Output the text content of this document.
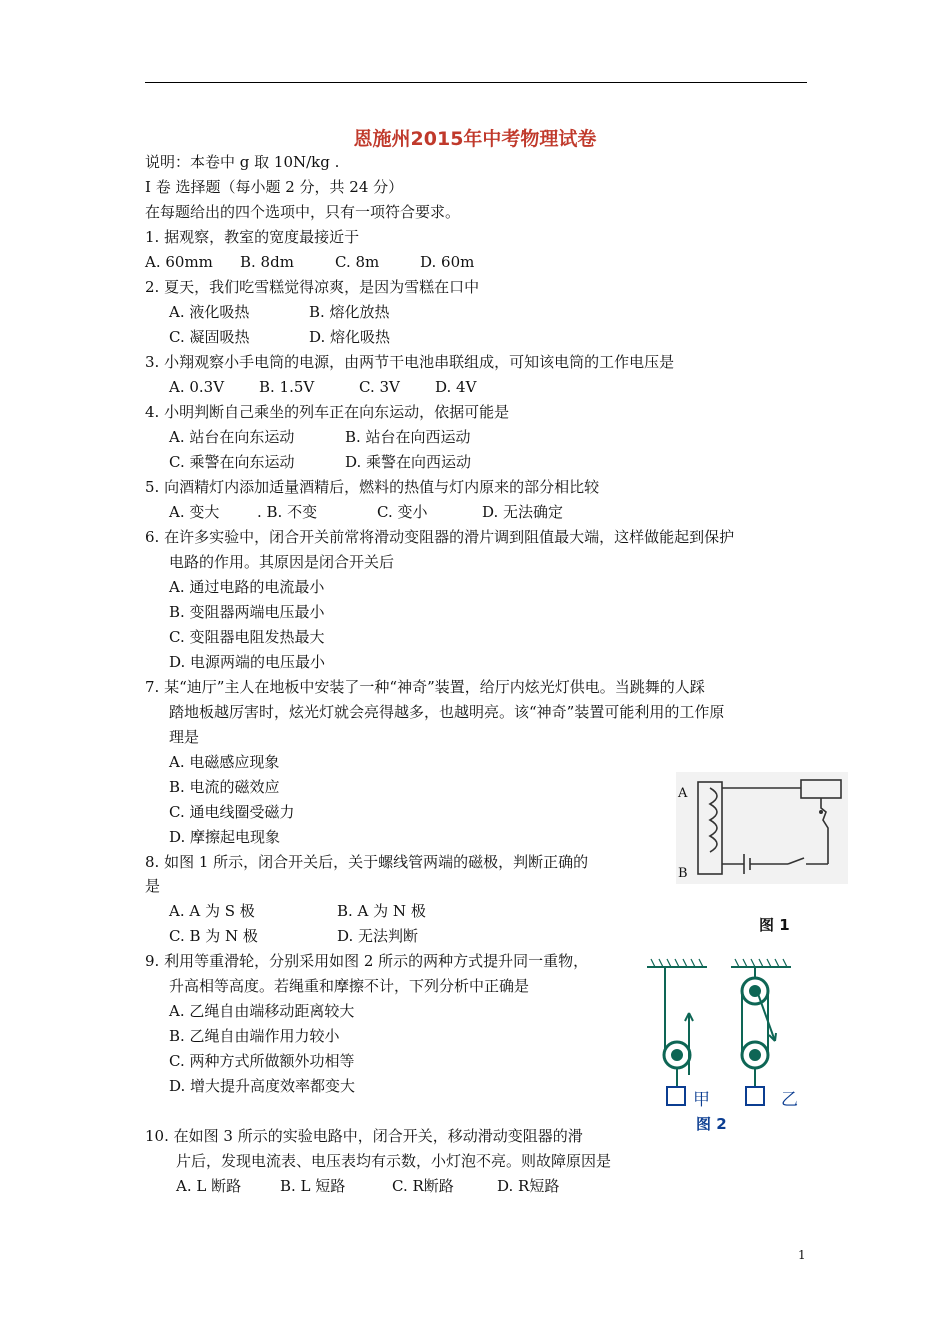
恩施州2015年中考物理试卷
说明：本卷中 g 取 10N/kg .
Ⅰ 卷 选择题（每小题 2 分，共 24 分）
在每题给出的四个选项中，只有一项符合要求。
1. 据观察，教室的宽度最接近于
A. 60mm B. 8dm	C. 8m	D. 60m
2. 夏天，我们吃雪糕觉得凉爽，是因为雪糕在口中
A. 液化吸热	B. 熔化放热
C. 凝固吸热	D. 熔化吸热
3. 小翔观察小手电筒的电源，由两节干电池串联组成，可知该电筒的工作电压是
A. 0.3V B. 1.5V	C. 3V D. 4V
4. 小明判断自己乘坐的列车正在向东运动，依据可能是
A. 站台在向东运动	B. 站台在向西运动
C. 乘警在向东运动	D. 乘警在向西运动
5. 向酒精灯内添加适量酒精后，燃料的热值与灯内原来的部分相比较
A. 变大	. B. 不变	C. 变小	D. 无法确定
6. 在许多实验中，闭合开关前常将滑动变阻器的滑片调到阻值最大端，这样做能起到保护
电路的作用。其原因是闭合开关后
A. 通过电路的电流最小
B. 变阻器两端电压最小
C. 变阻器电阻发热最大
D. 电源两端的电压最小
7. 某“迪厅”主人在地板中安装了一种“神奇”装置，给厅内炫光灯供电。当跳舞的人踩
踏地板越厉害时，炫光灯就会亮得越多，也越明亮。该“神奇”装置可能利用的工作原
理是
A. 电磁感应现象
B. 电流的磁效应
C. 通电线圈受磁力
D. 摩擦起电现象
8. 如图 1 所示，闭合开关后，关于螺线管两端的磁极，判断正确的
是
A. A 为 S 极	B. A 为 N 极
C. B 为 N 极	D. 无法判断
9. 利用等重滑轮，分别采用如图 2 所示的两种方式提升同一重物，
升高相等高度。若绳重和摩擦不计，下列分析中正确是
A. 乙绳自由端移动距离较大
B. 乙绳自由端作用力较小
C. 两种方式所做额外功相等
D. 增大提升高度效率都变大
10. 在如图 3 所示的实验电路中，闭合开关，移动滑动变阻器的滑
片后，发现电流表、电压表均有示数，小灯泡不亮。则故障原因是
A. L 断路	B. L 短路	C. R断路	D. R短路
A
B
图 1
甲	乙
图 2
1
